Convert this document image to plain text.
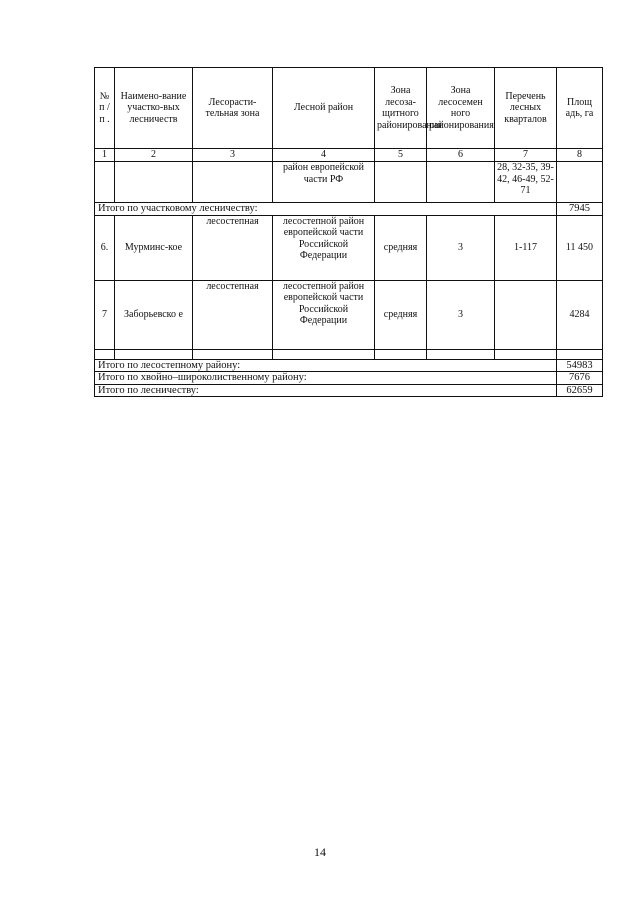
№ п / п .	Наимено-вание участко-вых лесничеств	Лесорасти-тельная зона	Лесной район	Зона лесоза-щитного районирования	Зона лесосемен ного районирования	Перечень лесных кварталов	Площ адь, га
1	2	3	4	5	6	7	8
			район европейской части РФ			28, 32-35, 39-42, 46-49, 52-71	
Итого по участковому лесничеству:							7945
6.	Мурминс-кое	лесостепная	лесостепной район европейской части Российской Федерации	средняя	3	1-117	11 450
7	Заборьевско е	лесостепная	лесостепной район европейской части Российской Федерации	средняя	3		4284

Итого по лесостепному району:							54983
Итого по хвойно–широколиственному району:							7676
Итого по лесничеству:							62659
14
